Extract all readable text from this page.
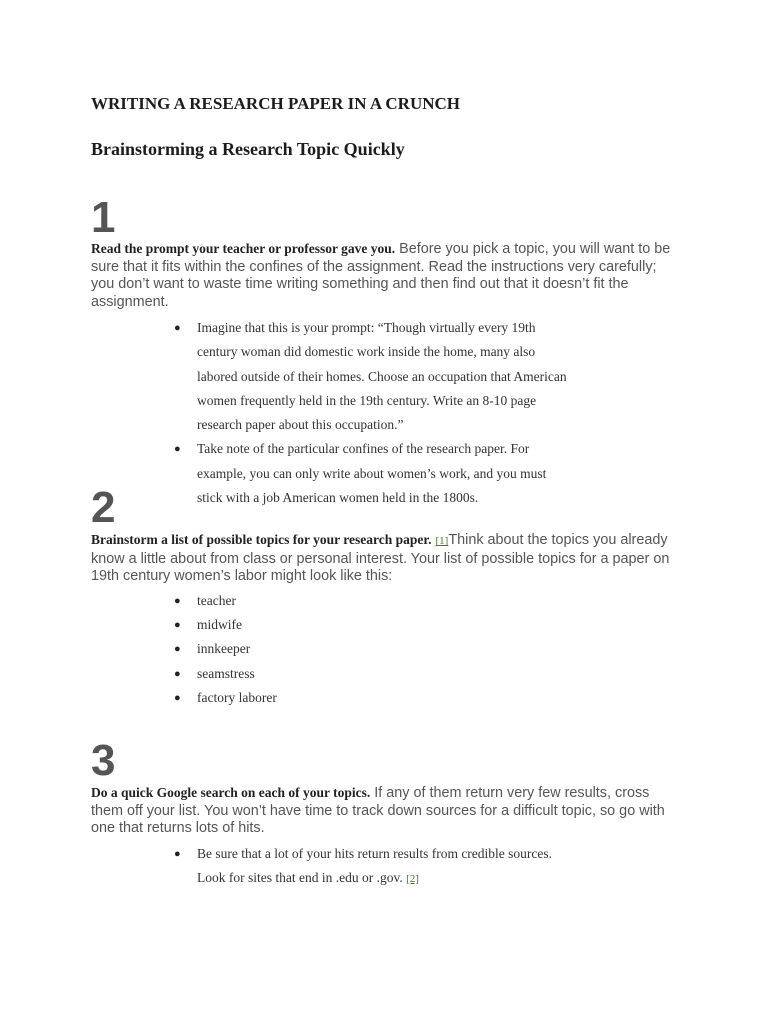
WRITING A RESEARCH PAPER IN A CRUNCH
Brainstorming a Research Topic Quickly
1

Read the prompt your teacher or professor gave you. Before you pick a topic, you will want to be sure that it fits within the confines of the assignment. Read the instructions very carefully; you don’t want to waste time writing something and then find out that it doesn’t fit the assignment.

● Imagine that this is your prompt: “Though virtually every 19th century woman did domestic work inside the home, many also labored outside of their homes. Choose an occupation that American women frequently held in the 19th century. Write an 8-10 page research paper about this occupation.”
● Take note of the particular confines of the research paper. For example, you can only write about women’s work, and you must stick with a job American women held in the 1800s.
2

Brainstorm a list of possible topics for your research paper. [1]Think about the topics you already know a little about from class or personal interest. Your list of possible topics for a paper on 19th century women’s labor might look like this:

● teacher
● midwife
● innkeeper
● seamstress
● factory laborer
3

Do a quick Google search on each of your topics. If any of them return very few results, cross them off your list. You won’t have time to track down sources for a difficult topic, so go with one that returns lots of hits.

● Be sure that a lot of your hits return results from credible sources. Look for sites that end in .edu or .gov. [2]
